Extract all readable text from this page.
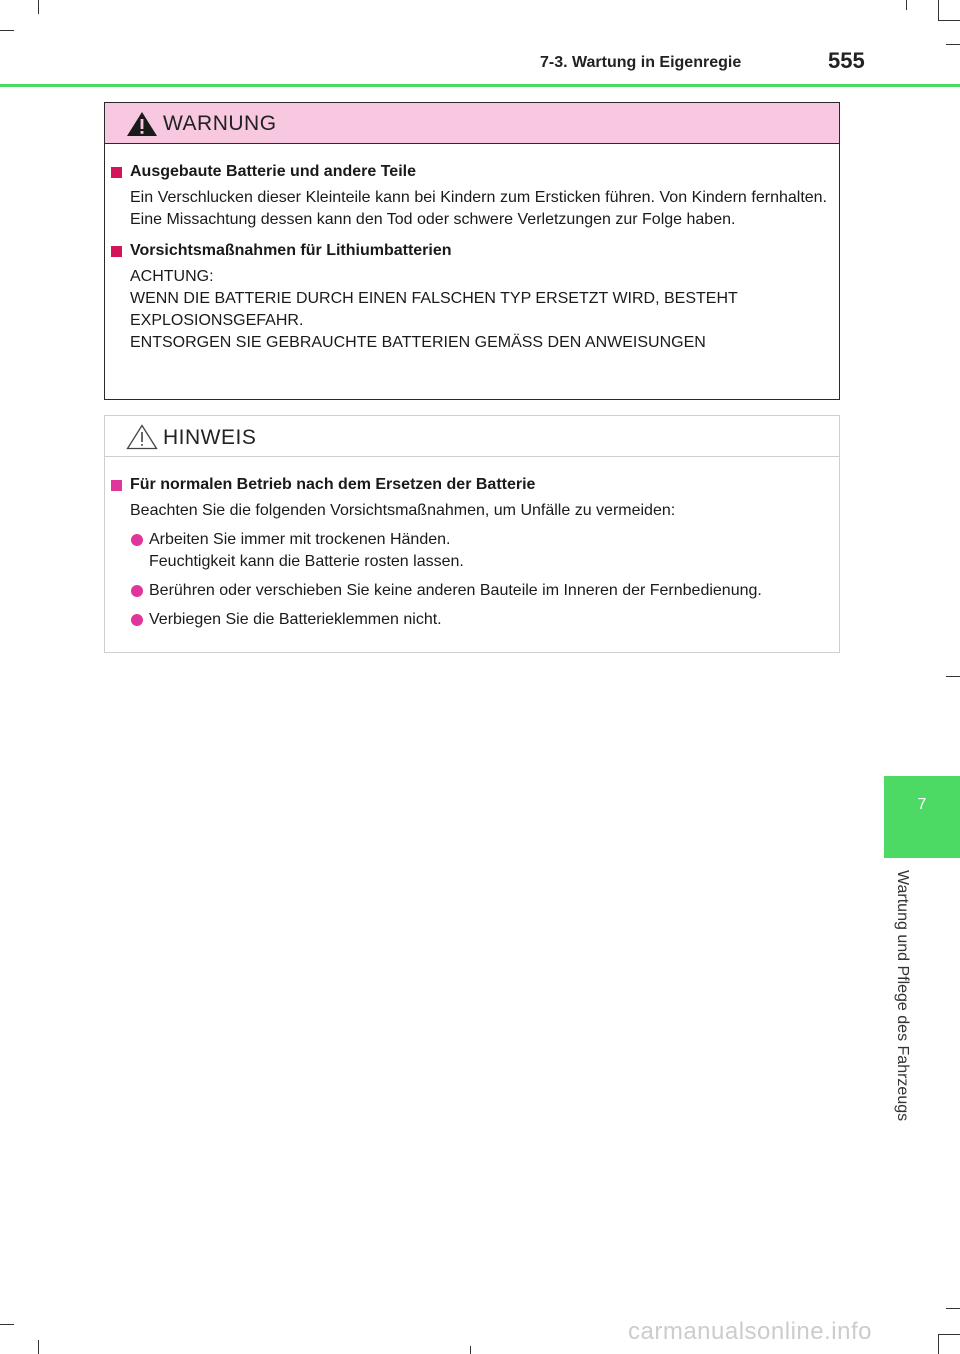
7-3. Wartung in Eigenregie	555
WARNUNG
Ausgebaute Batterie und andere Teile
Ein Verschlucken dieser Kleinteile kann bei Kindern zum Ersticken führen. Von Kindern fernhalten. Eine Missachtung dessen kann den Tod oder schwere Verletzungen zur Folge haben.
Vorsichtsmaßnahmen für Lithiumbatterien
ACHTUNG:
WENN DIE BATTERIE DURCH EINEN FALSCHEN TYP ERSETZT WIRD, BESTEHT
EXPLOSIONSGEFAHR.
ENTSORGEN SIE GEBRAUCHTE BATTERIEN GEMÄSS DEN ANWEISUNGEN
HINWEIS
Für normalen Betrieb nach dem Ersetzen der Batterie
Beachten Sie die folgenden Vorsichtsmaßnahmen, um Unfälle zu vermeiden:
Arbeiten Sie immer mit trockenen Händen.
Feuchtigkeit kann die Batterie rosten lassen.
Berühren oder verschieben Sie keine anderen Bauteile im Inneren der Fernbedienung.
Verbiegen Sie die Batterieklemmen nicht.
7
Wartung und Pflege des Fahrzeugs
carmanualsonline.info
